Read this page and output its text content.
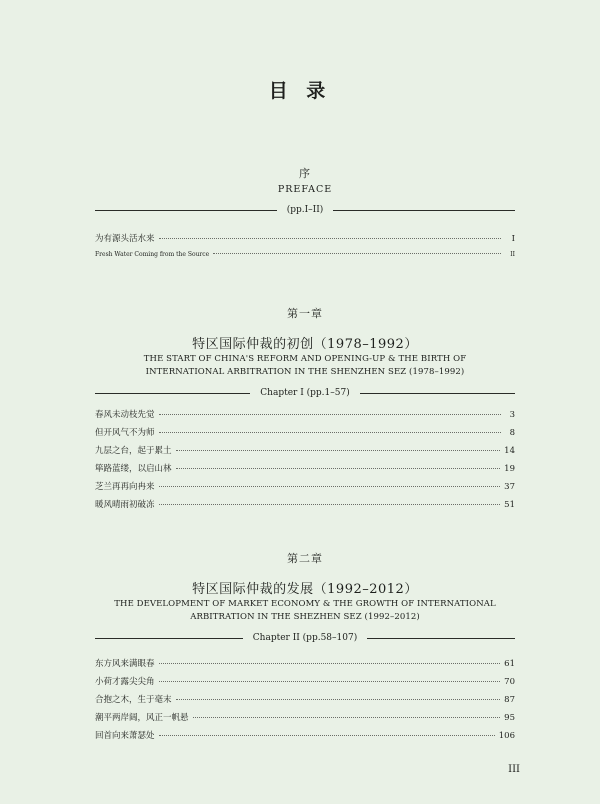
目 录
序
PREFACE
(pp.I–II)
为有源头活水来	I
Fresh Water Coming from the Source	II
第一章
特区国际仲裁的初创（1978–1992）
THE START OF CHINA'S REFORM AND OPENING-UP & THE BIRTH OF
INTERNATIONAL ARBITRATION IN THE SHENZHEN SEZ (1978–1992)
Chapter I (pp.1–57)
春风未动枝先觉	3
但开风气不为师	8
九层之台，起于累土	14
筚路蓝缕，以启山林	19
芝兰再再向冉来	37
暖风晴雨初破冻	51
第二章
特区国际仲裁的发展（1992–2012）
THE DEVELOPMENT OF MARKET ECONOMY & THE GROWTH OF INTERNATIONAL
ARBITRATION IN THE SHEZHEN SEZ (1992–2012)
Chapter II (pp.58–107)
东方风来满眼春	61
小荷才露尖尖角	70
合抱之木，生于毫末	87
潮平两岸阔，风正一帆悬	95
回首向来萧瑟处	106
III
